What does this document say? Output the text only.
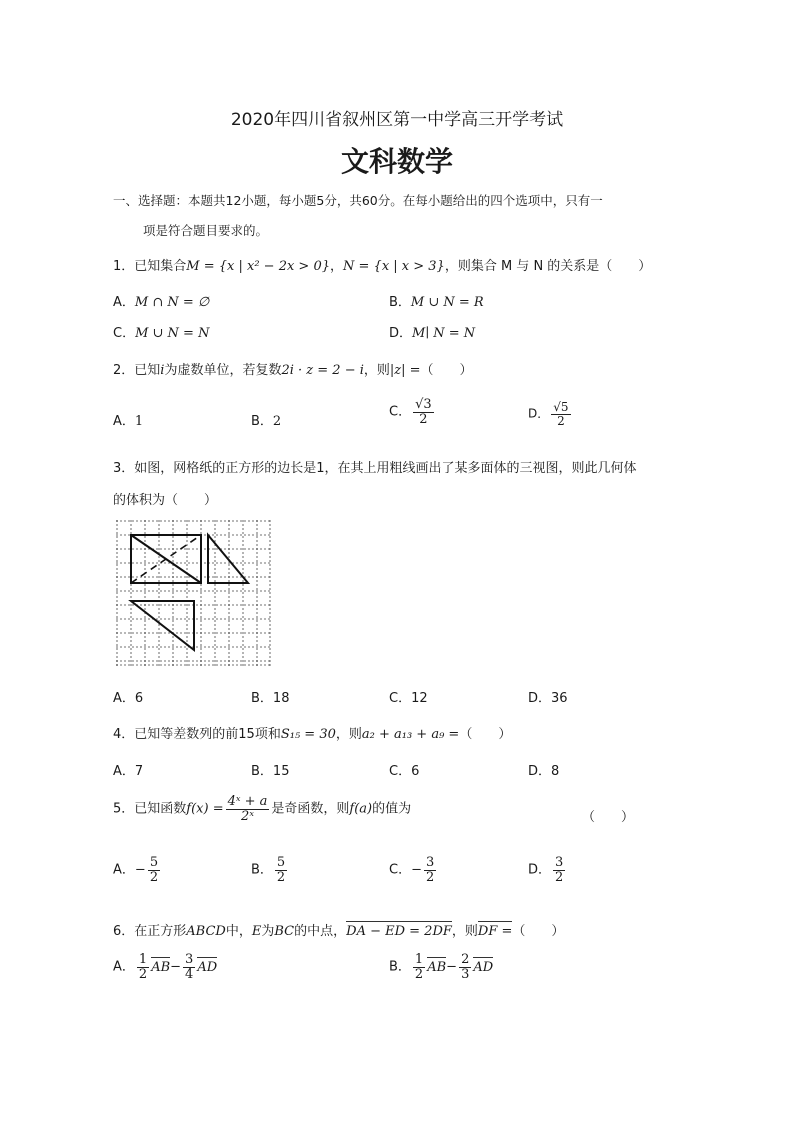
2020年四川省叙州区第一中学高三开学考试
文科数学
一、选择题：本题共12小题，每小题5分，共60分。在每小题给出的四个选项中，只有一
项是符合题目要求的。
1．已知集合M = {x | x² − 2x > 0}，N = {x | x > 3}，则集合 M 与 N 的关系是（　　）
A．M ∩ N = ∅	B．M ∪ N = R
C．M ∪ N = N	D．M∣ N = N
2．已知i为虚数单位，若复数2i · z = 2 − i，则|z| =（　　）
A．1	B．2
C． $\frac{√3}{2}$	D． $\frac{√5}{2}$
3．如图，网格纸的正方形的边长是1，在其上用粗线画出了某多面体的三视图，则此几何体
的体积为（　　）
A．6	B．18	C．12	D．36
4．已知等差数列的前15项和S₁₅ = 30，则a₂ + a₁₃ + a₉ =（　　）
A．7	B．15	C．6	D．8
5．已知函数$f(x) = \frac{\text{4ˣ + a}}{\text{2ˣ}}$ 是奇函数，则f(a)的值为
（　　）
A．− $\frac{5}{2}$	B． $\frac{5}{2}$	C．− $\frac{3}{2}$	D． $\frac{3}{2}$
6．在正方形ABCD中，E为BC的中点，DA − ED = 2DF，则DF =（　　）
A． $\frac{1}{2} AB- \frac{3}{4}$ AD	B． $\frac{1}{2} AB- \frac{2}{3}$ AD
